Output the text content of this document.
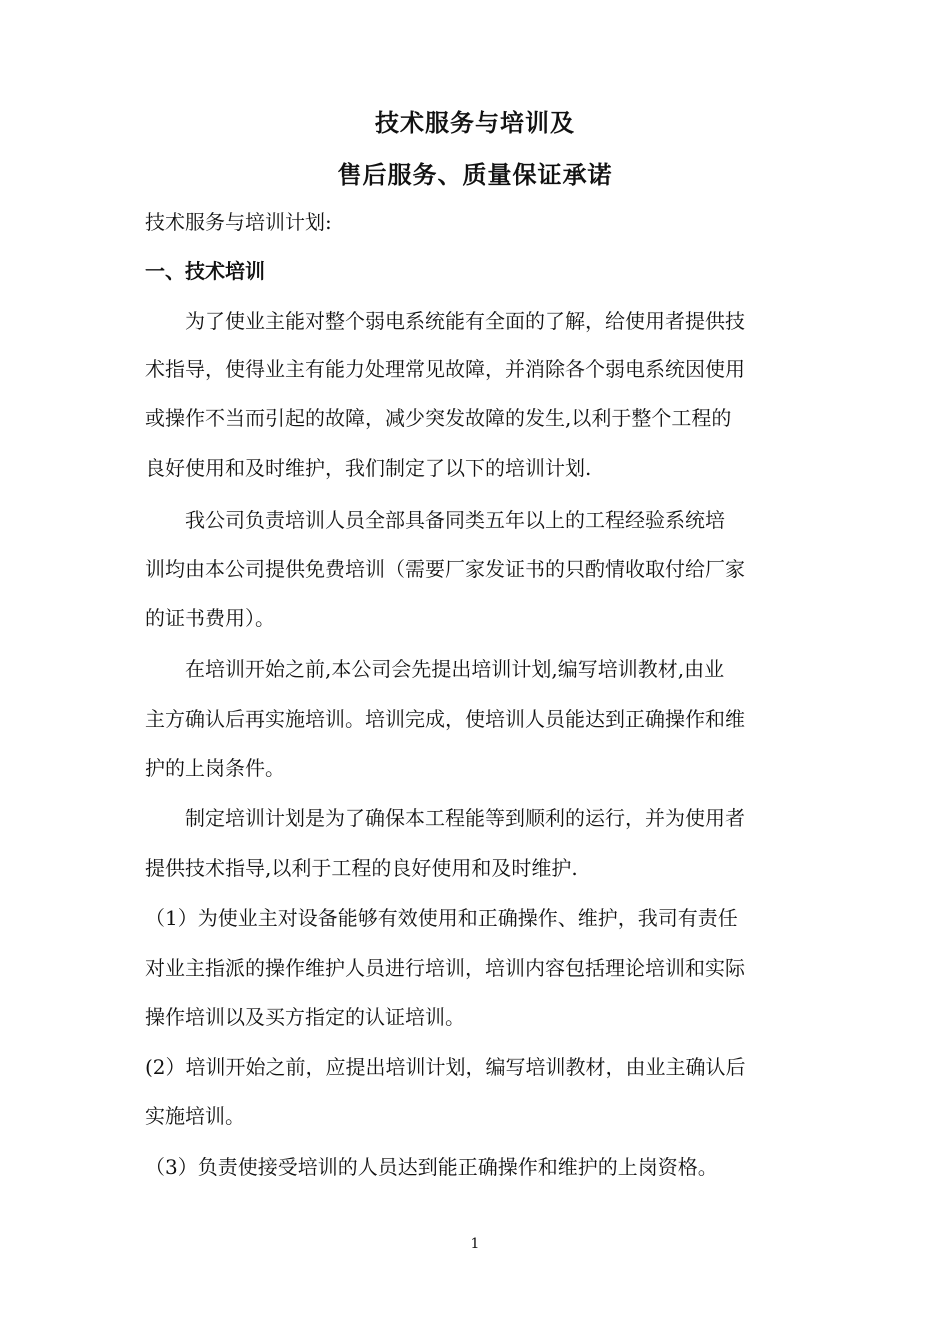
技术服务与培训及
售后服务、质量保证承诺
技术服务与培训计划:
一、技术培训
　　为了使业主能对整个弱电系统能有全面的了解，给使用者提供技
术指导，使得业主有能力处理常见故障，并消除各个弱电系统因使用
或操作不当而引起的故障，减少突发故障的发生,以利于整个工程的
良好使用和及时维护，我们制定了以下的培训计划.
　　我公司负责培训人员全部具备同类五年以上的工程经验系统培
训均由本公司提供免费培训（需要厂家发证书的只酌情收取付给厂家
的证书费用）。
　　在培训开始之前,本公司会先提出培训计划,编写培训教材,由业
主方确认后再实施培训。培训完成，使培训人员能达到正确操作和维
护的上岗条件。
　　制定培训计划是为了确保本工程能等到顺利的运行，并为使用者
提供技术指导,以利于工程的良好使用和及时维护.
（1）为使业主对设备能够有效使用和正确操作、维护，我司有责任
对业主指派的操作维护人员进行培训，培训内容包括理论培训和实际
操作培训以及买方指定的认证培训。
(2）培训开始之前，应提出培训计划，编写培训教材，由业主确认后
实施培训。
（3）负责使接受培训的人员达到能正确操作和维护的上岗资格。
1
